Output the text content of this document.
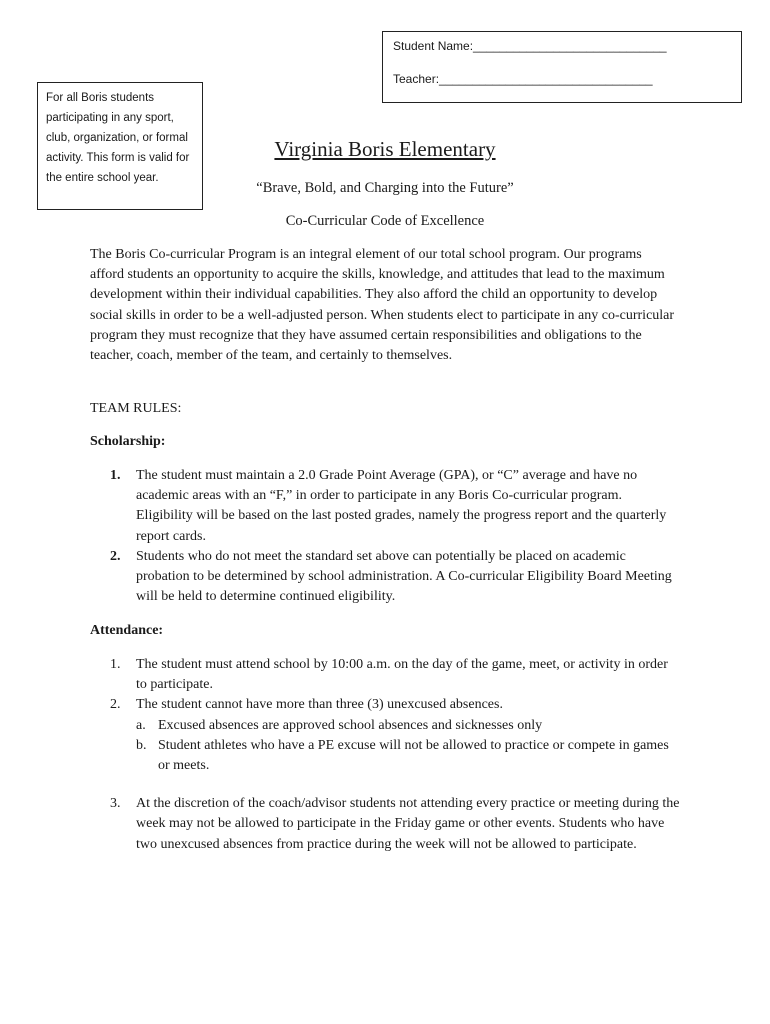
Student Name:_____________________________
Teacher:________________________________
For all Boris students participating in any sport, club, organization, or formal activity. This form is valid for the entire school year.
Virginia Boris Elementary
“Brave, Bold, and Charging into the Future”
Co-Curricular Code of Excellence
The Boris Co-curricular Program is an integral element of our total school program. Our programs afford students an opportunity to acquire the skills, knowledge, and attitudes that lead to the maximum development within their individual capabilities. They also afford the child an opportunity to develop social skills in order to be a well-adjusted person. When students elect to participate in any co-curricular program they must recognize that they have assumed certain responsibilities and obligations to the teacher, coach, member of the team, and certainly to themselves.
TEAM RULES:
Scholarship:
1.	The student must maintain a 2.0 Grade Point Average (GPA), or “C” average and have no academic areas with an “F,” in order to participate in any Boris Co-curricular program. Eligibility will be based on the last posted grades, namely the progress report and the quarterly report cards.
2.	Students who do not meet the standard set above can potentially be placed on academic probation to be determined by school administration. A Co-curricular Eligibility Board Meeting will be held to determine continued eligibility.
Attendance:
1.	The student must attend school by 10:00 a.m. on the day of the game, meet, or activity in order to participate.
2.	The student cannot have more than three (3) unexcused absences.
a. Excused absences are approved school absences and sicknesses only
b. Student athletes who have a PE excuse will not be allowed to practice or compete in games or meets.
3.	At the discretion of the coach/advisor students not attending every practice or meeting during the week may not be allowed to participate in the Friday game or other events. Students who have two unexcused absences from practice during the week will not be allowed to participate.
